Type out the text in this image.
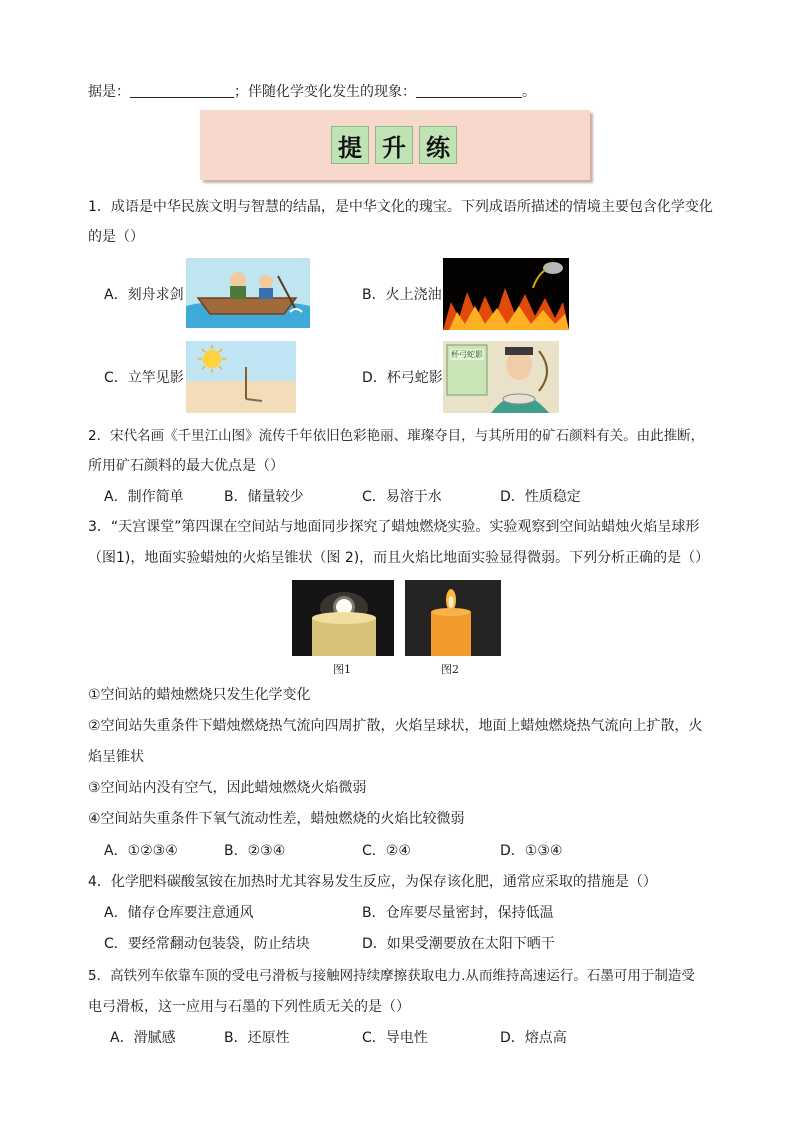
据是：	；伴随化学变化发生的现象：	。
提 升 练
1．成语是中华民族文明与智慧的结晶，是中华文化的瑰宝。下列成语所描述的情境主要包含化学变化
的是（）
A．刻舟求剑	B．火上浇油
C．立竿见影	D．杯弓蛇影
杯弓蛇影
2．宋代名画《千里江山图》流传千年依旧色彩艳丽、璀璨夺目，与其所用的矿石颜料有关。由此推断，
所用矿石颜料的最大优点是（）
A．制作简单	B．储量较少	C．易溶于水	D．性质稳定
3．“天宫课堂”第四课在空间站与地面同步探究了蜡烛燃烧实验。实验观察到空间站蜡烛火焰呈球形
（图1)，地面实验蜡烛的火焰呈锥状（图 2)，而且火焰比地面实验显得微弱。下列分析正确的是（）
图1	图2
①空间站的蜡烛燃烧只发生化学变化
②空间站失重条件下蜡烛燃烧热气流向四周扩散，火焰呈球状，地面上蜡烛燃烧热气流向上扩散，火
焰呈锥状
③空间站内没有空气，因此蜡烛燃烧火焰微弱
④空间站失重条件下氧气流动性差，蜡烛燃烧的火焰比较微弱
A．①②③④	B．②③④	C．②④	D．①③④
4．化学肥料碳酸氢铵在加热时尤其容易发生反应，为保存该化肥，通常应采取的措施是（）
A．储存仓库要注意通风	B．仓库要尽量密封，保持低温
C．要经常翻动包装袋，防止结块	D．如果受潮要放在太阳下晒干
5．高铁列车依靠车顶的受电弓滑板与接触网持续摩擦获取电力.从而维持高速运行。石墨可用于制造受
电弓滑板，这一应用与石墨的下列性质无关的是（）
A．滑腻感	B．还原性	C．导电性	D．熔点高
